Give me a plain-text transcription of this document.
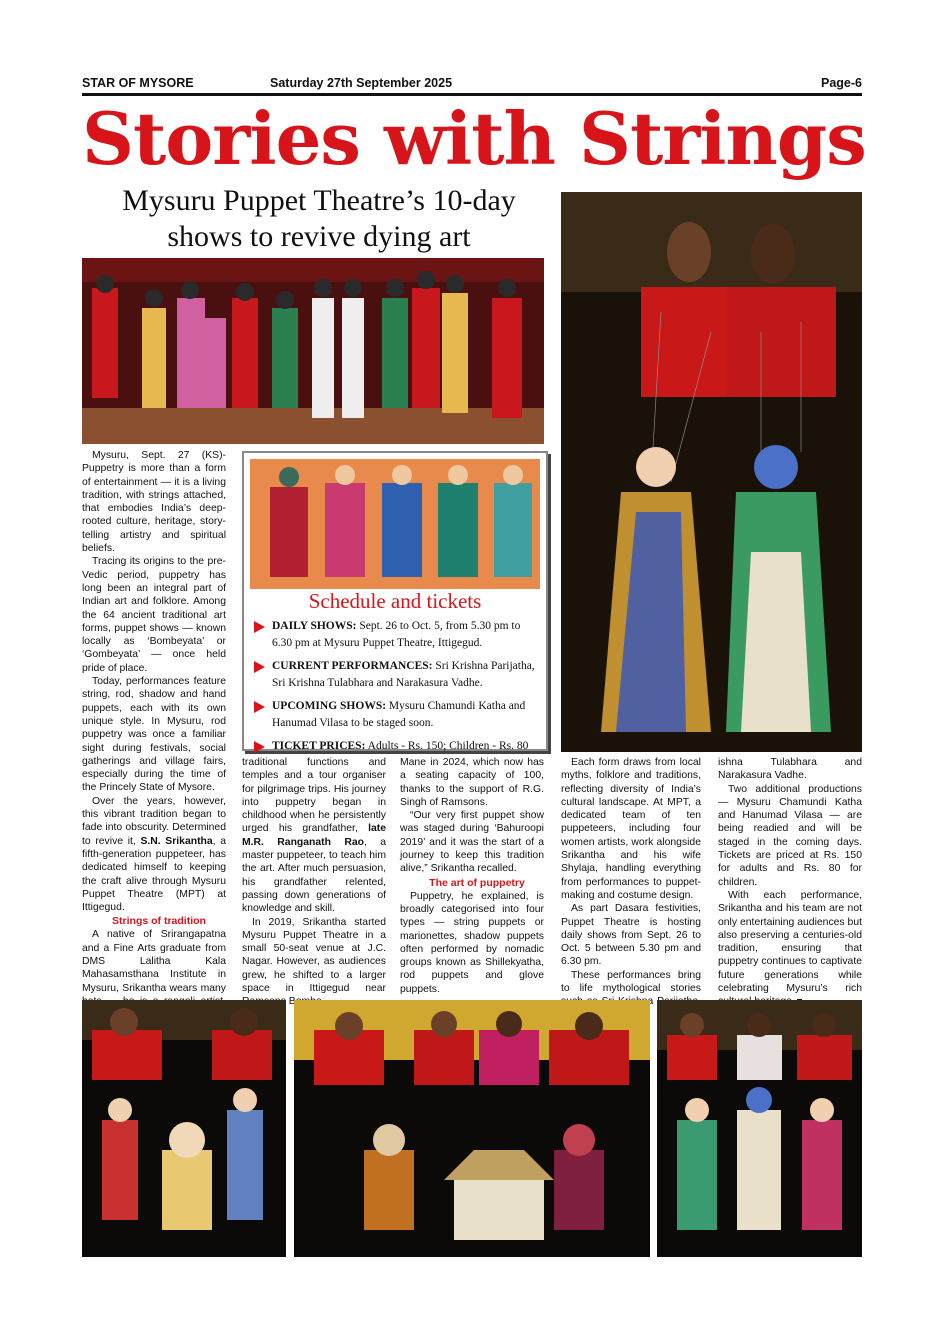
STAR OF MYSORE	Saturday 27th September 2025	Page-6
Stories with Strings
Mysuru Puppet Theatre’s 10-day shows to revive dying art

Mysuru, Sept. 27 (KS)- Puppetry is more than a form of entertainment — it is a living tradition, with strings attached, that embodies India’s deep-rooted culture, heritage, story-telling artistry and spiritual beliefs.

Tracing its origins to the pre-Vedic period, puppetry has long been an integral part of Indian art and folklore. Among the 64 ancient traditional art forms, puppet shows — known locally as ‘Bombeyata’ or ‘Gombeyata’ — once held pride of place.

Today, performances feature string, rod, shadow and hand puppets, each with its own unique style. In Mysuru, rod puppetry was once a familiar sight during festivals, social gatherings and village fairs, especially during the time of the Princely State of Mysore.

Over the years, however, this vibrant tradition began to fade into obscurity. Determined to revive it, S.N. Srikantha, a fifth-generation puppeteer, has dedicated himself to keeping the craft alive through Mysuru Puppet Theatre (MPT) at Ittigegud.

Strings of tradition

A native of Srirangapatna and a Fine Arts graduate from DMS Lalitha Kala Mahasamsthana Institute in Mysuru, Srikantha wears many

Schedule and tickets
DAILY SHOWS: Sept. 26 to Oct. 5, from 5.30 pm to 6.30 pm at Mysuru Puppet Theatre, Ittigegud.
CURRENT PERFORMANCES: Sri Krishna Parijatha, Sri Krishna Tulabhara and Narakasura Vadhe.
UPCOMING SHOWS: Mysuru Chamundi Katha and Hanumad Vilasa to be staged soon.
TICKET PRICES: Adults - Rs. 150; Children - Rs. 80

traditional functions and temples and a tour organiser for pilgrimage trips. His journey into puppetry began in childhood when he persistently urged his grandfather, late M.R. Ranganath Rao, a master puppeteer, to teach him the art. After much persuasion, his grandfather relented, passing down generations of knowledge and skill.

In 2019, Srikantha started Mysuru Puppet Theatre in a small 50-seat venue at J.C. Nagar. However, as audiences grew, he shifted to a larger space in Ittigegud near

Mane in 2024, which now has a seating capacity of 100, thanks to the support of R.G. Singh of Ramsons.

“Our very first puppet show was staged during ‘Bahuroopi 2019’ and it was the start of a journey to keep this tradition alive,” Srikantha recalled.

The art of puppetry

Puppetry, he explained, is broadly categorised into four types — string puppets or marionettes, shadow puppets often performed by nomadic groups known as Shillekyatha, rod puppets and glove puppets.

Each form draws from local myths, folklore and traditions, reflecting diversity of India’s cultural landscape. At MPT, a dedicated team of ten puppeteers, including four women artists, work alongside Srikantha and his wife Shylaja, handling everything from performances to puppet-making and costume design.

As part Dasara festivities, Puppet Theatre is hosting daily shows from Sept. 26 to Oct. 5 between 5.30 pm and 6.30 pm.

These performances bring to life mythological stories

ishna Tulabhara and Narakasura Vadhe.

Two additional productions — Mysuru Chamundi Katha and Hanumad Vilasa — are being readied and will be staged in the coming days. Tickets are priced at Rs. 150 for adults and Rs. 80 for children.

With each performance, Srikantha and his team are not only entertaining audiences but also preserving a centuries-old tradition, ensuring that puppetry continues to captivate future generations while celebrating Mysuru’s rich
